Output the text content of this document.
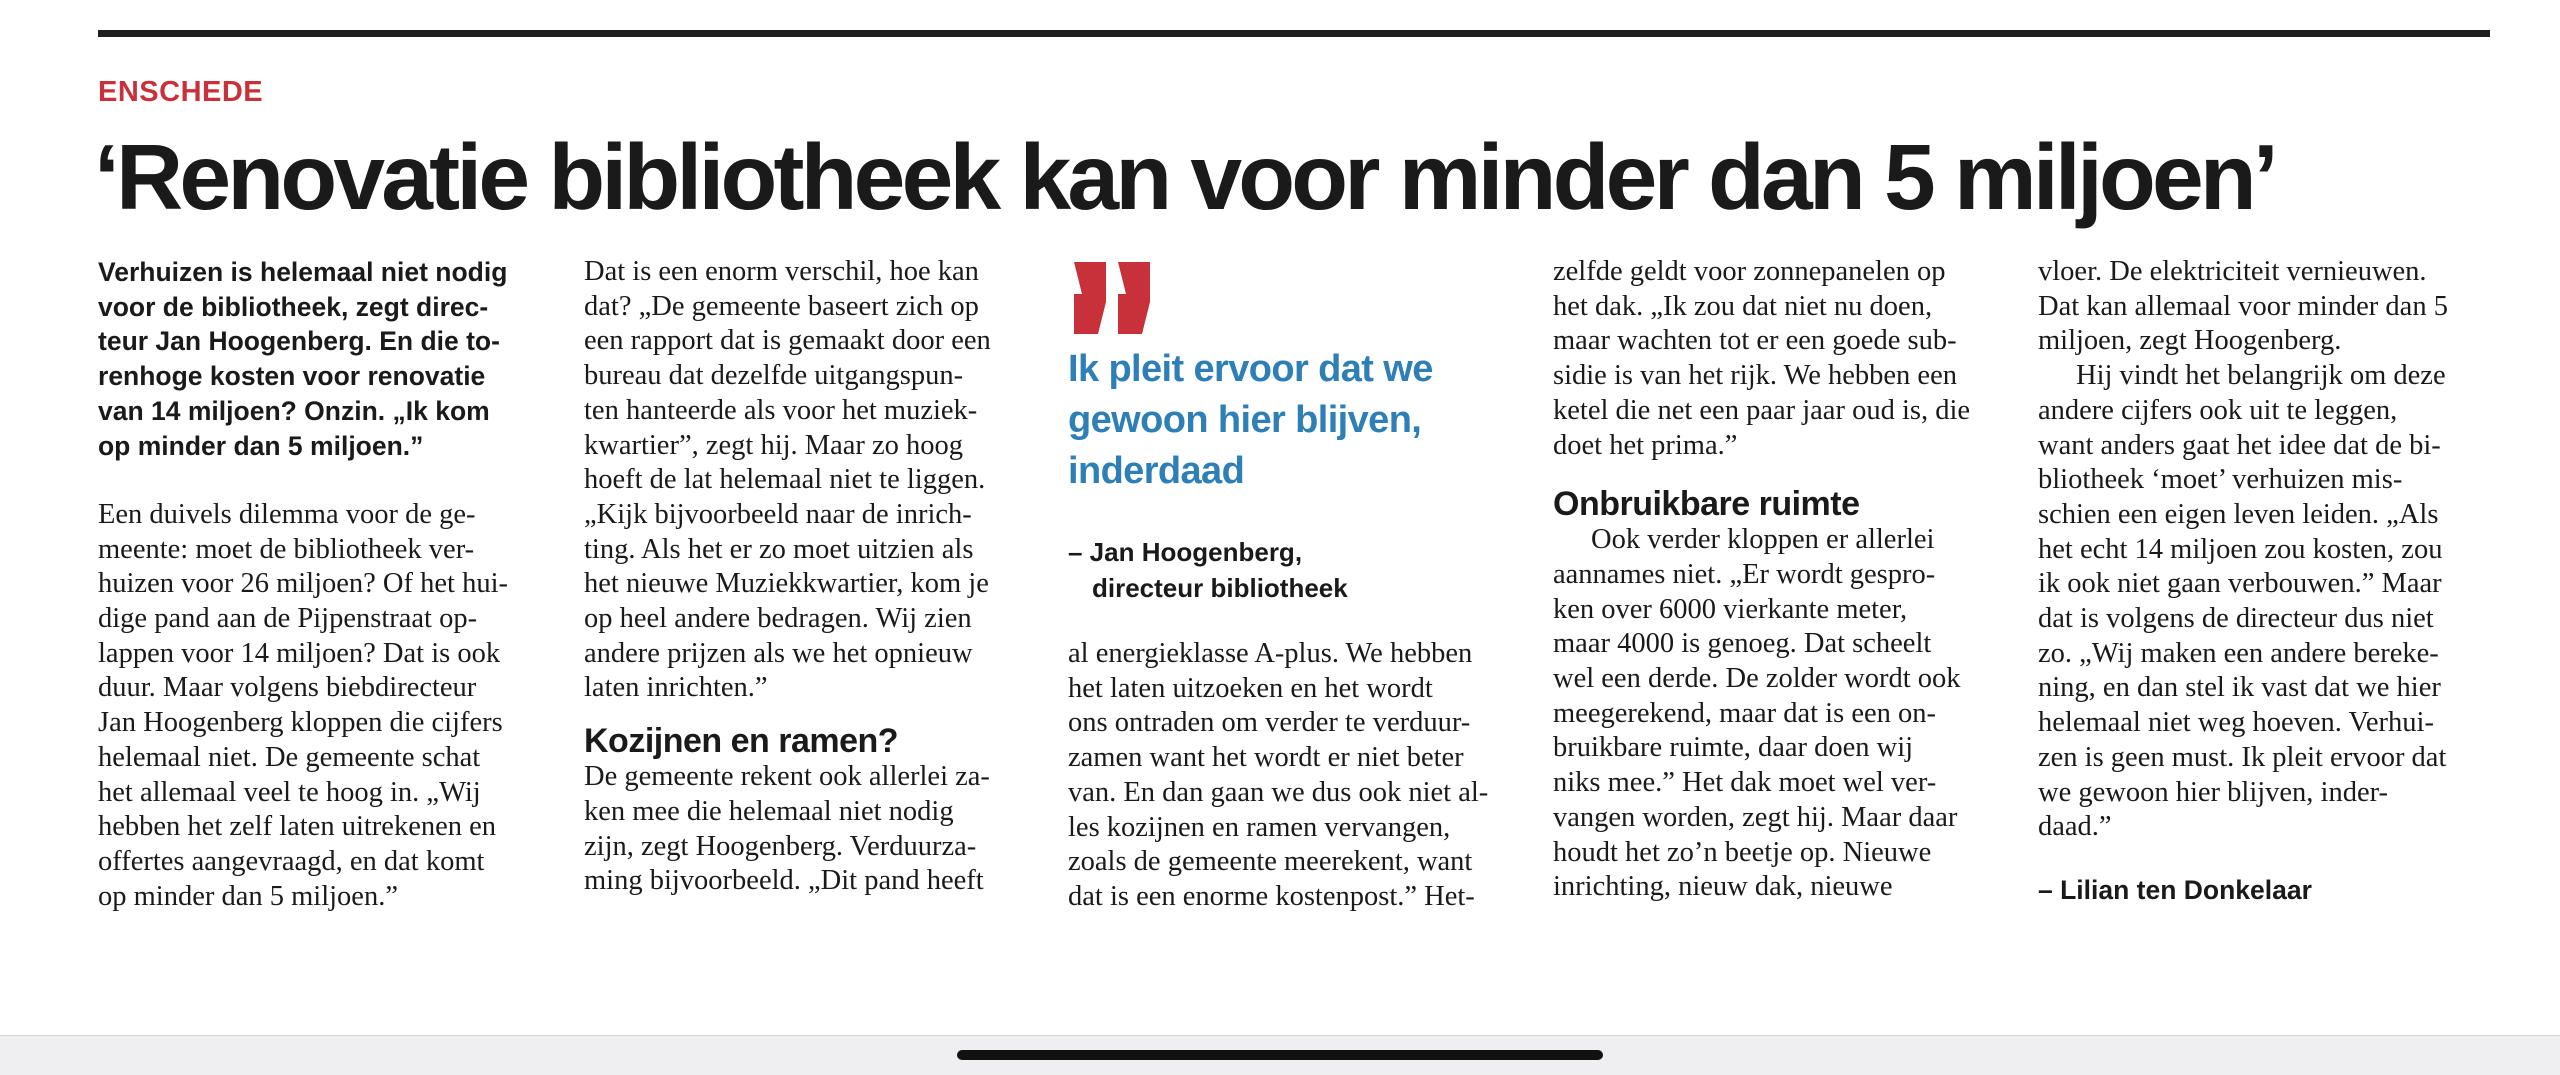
ENSCHEDE
‘Renovatie bibliotheek kan voor minder dan 5 miljoen’

Verhuizen is helemaal niet nodig
voor de bibliotheek, zegt direc-
teur Jan Hoogenberg. En die to-
renhoge kosten voor renovatie
van 14 miljoen? Onzin. „Ik kom
op minder dan 5 miljoen.”

Een duivels dilemma voor de ge-
meente: moet de bibliotheek ver-
huizen voor 26 miljoen? Of het hui-
dige pand aan de Pijpenstraat op-
lappen voor 14 miljoen? Dat is ook
duur. Maar volgens biebdirecteur
Jan Hoogenberg kloppen die cijfers
helemaal niet. De gemeente schat
het allemaal veel te hoog in. „Wij
hebben het zelf laten uitrekenen en
offertes aangevraagd, en dat komt
op minder dan 5 miljoen.”

Dat is een enorm verschil, hoe kan
dat? „De gemeente baseert zich op
een rapport dat is gemaakt door een
bureau dat dezelfde uitgangspun-
ten hanteerde als voor het muziek-
kwartier”, zegt hij. Maar zo hoog
hoeft de lat helemaal niet te liggen.
„Kijk bijvoorbeeld naar de inrich-
ting. Als het er zo moet uitzien als
het nieuwe Muziekkwartier, kom je
op heel andere bedragen. Wij zien
andere prijzen als we het opnieuw
laten inrichten.”

Kozijnen en ramen?

De gemeente rekent ook allerlei za-
ken mee die helemaal niet nodig
zijn, zegt Hoogenberg. Verduurza-
ming bijvoorbeeld. „Dit pand heeft

Ik pleit ervoor dat we
gewoon hier blijven,
inderdaad

– Jan Hoogenberg,
directeur bibliotheek

al energieklasse A-plus. We hebben
het laten uitzoeken en het wordt
ons ontraden om verder te verduur-
zamen want het wordt er niet beter
van. En dan gaan we dus ook niet al-
les kozijnen en ramen vervangen,
zoals de gemeente meerekent, want
dat is een enorme kostenpost.” Het-

zelfde geldt voor zonnepanelen op
het dak. „Ik zou dat niet nu doen,
maar wachten tot er een goede sub-
sidie is van het rijk. We hebben een
ketel die net een paar jaar oud is, die
doet het prima.”

Onbruikbare ruimte

Ook verder kloppen er allerlei
aannames niet. „Er wordt gespro-
ken over 6000 vierkante meter,
maar 4000 is genoeg. Dat scheelt
wel een derde. De zolder wordt ook
meegerekend, maar dat is een on-
bruikbare ruimte, daar doen wij
niks mee.” Het dak moet wel ver-
vangen worden, zegt hij. Maar daar
houdt het zo’n beetje op. Nieuwe
inrichting, nieuw dak, nieuwe

vloer. De elektriciteit vernieuwen.
Dat kan allemaal voor minder dan 5
miljoen, zegt Hoogenberg.

Hij vindt het belangrijk om deze
andere cijfers ook uit te leggen,
want anders gaat het idee dat de bi-
bliotheek ‘moet’ verhuizen mis-
schien een eigen leven leiden. „Als
het echt 14 miljoen zou kosten, zou
ik ook niet gaan verbouwen.” Maar
dat is volgens de directeur dus niet
zo. „Wij maken een andere bereke-
ning, en dan stel ik vast dat we hier
helemaal niet weg hoeven. Verhui-
zen is geen must. Ik pleit ervoor dat
we gewoon hier blijven, inder-
daad.”

– Lilian ten Donkelaar
